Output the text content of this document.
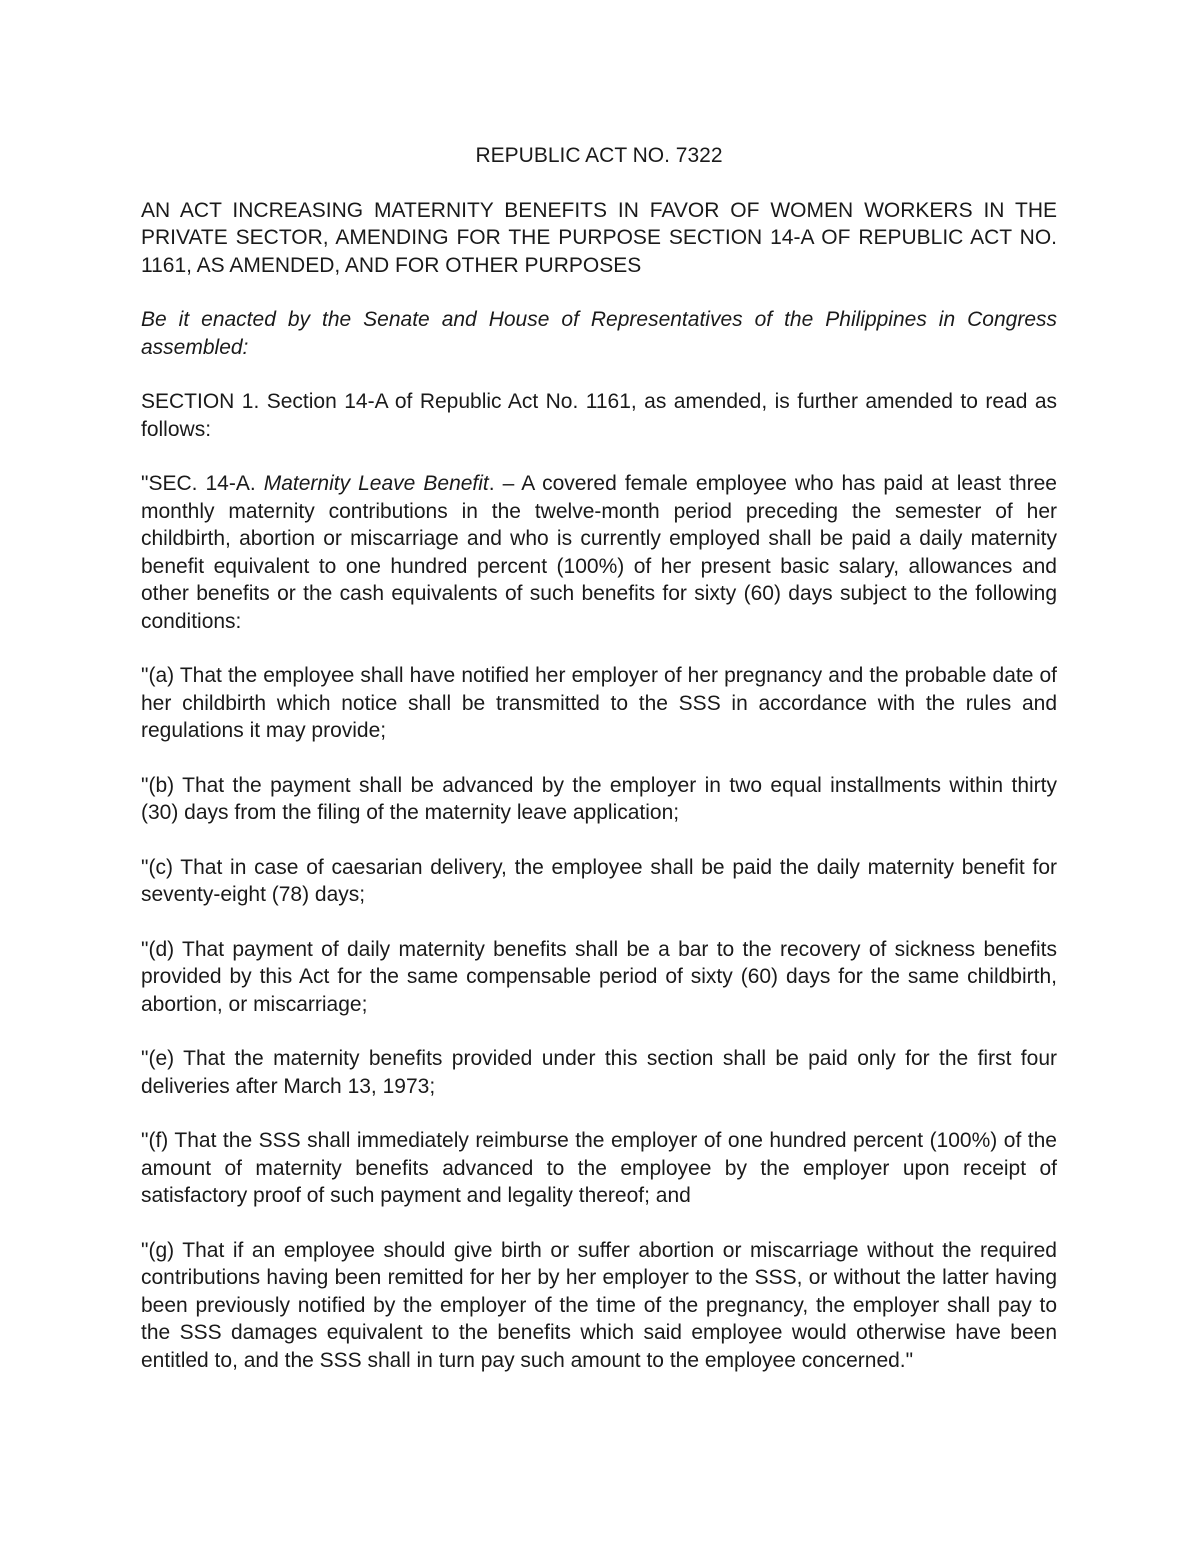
REPUBLIC ACT NO. 7322

AN ACT INCREASING MATERNITY BENEFITS IN FAVOR OF WOMEN WORKERS IN THE PRIVATE SECTOR, AMENDING FOR THE PURPOSE SECTION 14-A OF REPUBLIC ACT NO. 1161, AS AMENDED, AND FOR OTHER PURPOSES

Be it enacted by the Senate and House of Representatives of the Philippines in Congress assembled:

SECTION 1. Section 14-A of Republic Act No. 1161, as amended, is further amended to read as follows:

"SEC. 14-A. Maternity Leave Benefit. – A covered female employee who has paid at least three monthly maternity contributions in the twelve-month period preceding the semester of her childbirth, abortion or miscarriage and who is currently employed shall be paid a daily maternity benefit equivalent to one hundred percent (100%) of her present basic salary, allowances and other benefits or the cash equivalents of such benefits for sixty (60) days subject to the following conditions:

"(a) That the employee shall have notified her employer of her pregnancy and the probable date of her childbirth which notice shall be transmitted to the SSS in accordance with the rules and regulations it may provide;

"(b) That the payment shall be advanced by the employer in two equal installments within thirty (30) days from the filing of the maternity leave application;

"(c) That in case of caesarian delivery, the employee shall be paid the daily maternity benefit for seventy-eight (78) days;

"(d) That payment of daily maternity benefits shall be a bar to the recovery of sickness benefits provided by this Act for the same compensable period of sixty (60) days for the same childbirth, abortion, or miscarriage;

"(e) That the maternity benefits provided under this section shall be paid only for the first four deliveries after March 13, 1973;

"(f) That the SSS shall immediately reimburse the employer of one hundred percent (100%) of the amount of maternity benefits advanced to the employee by the employer upon receipt of satisfactory proof of such payment and legality thereof; and

"(g) That if an employee should give birth or suffer abortion or miscarriage without the required contributions having been remitted for her by her employer to the SSS, or without the latter having been previously notified by the employer of the time of the pregnancy, the employer shall pay to the SSS damages equivalent to the benefits which said employee would otherwise have been entitled to, and the SSS shall in turn pay such amount to the employee concerned."
